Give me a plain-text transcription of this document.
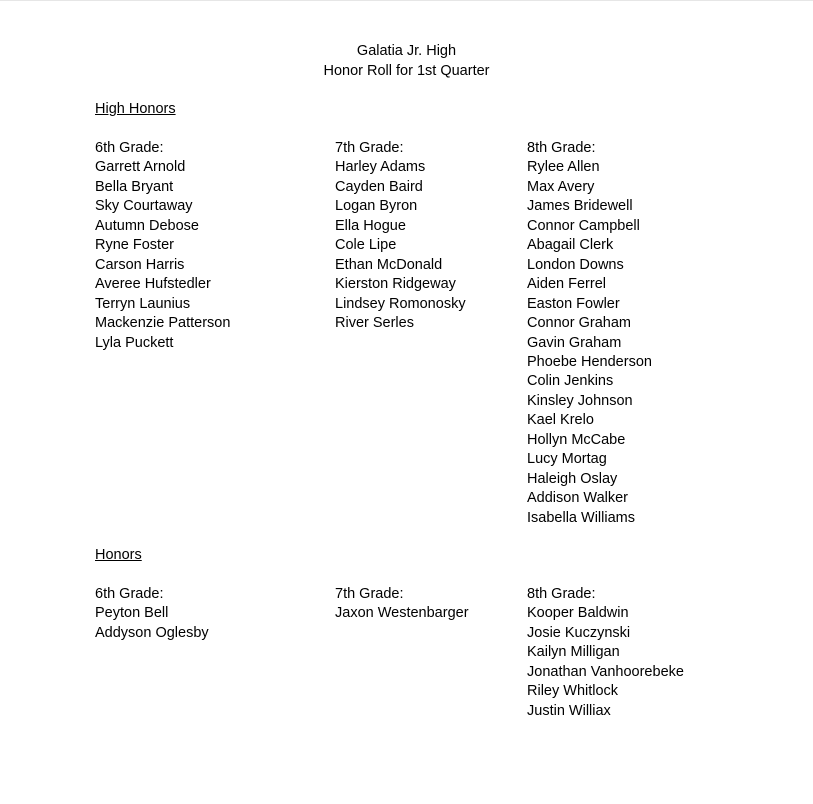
Galatia Jr. High
Honor Roll for 1st Quarter
High Honors
6th Grade:
Garrett Arnold
Bella Bryant
Sky Courtaway
Autumn Debose
Ryne Foster
Carson Harris
Averee Hufstedler
Terryn Launius
Mackenzie Patterson
Lyla Puckett
7th Grade:
Harley Adams
Cayden Baird
Logan Byron
Ella Hogue
Cole Lipe
Ethan McDonald
Kierston Ridgeway
Lindsey Romonosky
River Serles
8th Grade:
Rylee Allen
Max Avery
James Bridewell
Connor Campbell
Abagail Clerk
London Downs
Aiden Ferrel
Easton Fowler
Connor Graham
Gavin Graham
Phoebe Henderson
Colin Jenkins
Kinsley Johnson
Kael Krelo
Hollyn McCabe
Lucy Mortag
Haleigh Oslay
Addison Walker
Isabella Williams
Honors
6th Grade:
Peyton Bell
Addyson Oglesby
7th Grade:
Jaxon Westenbarger
8th Grade:
Kooper Baldwin
Josie Kuczynski
Kailyn Milligan
Jonathan Vanhoorebeke
Riley Whitlock
Justin Williax
